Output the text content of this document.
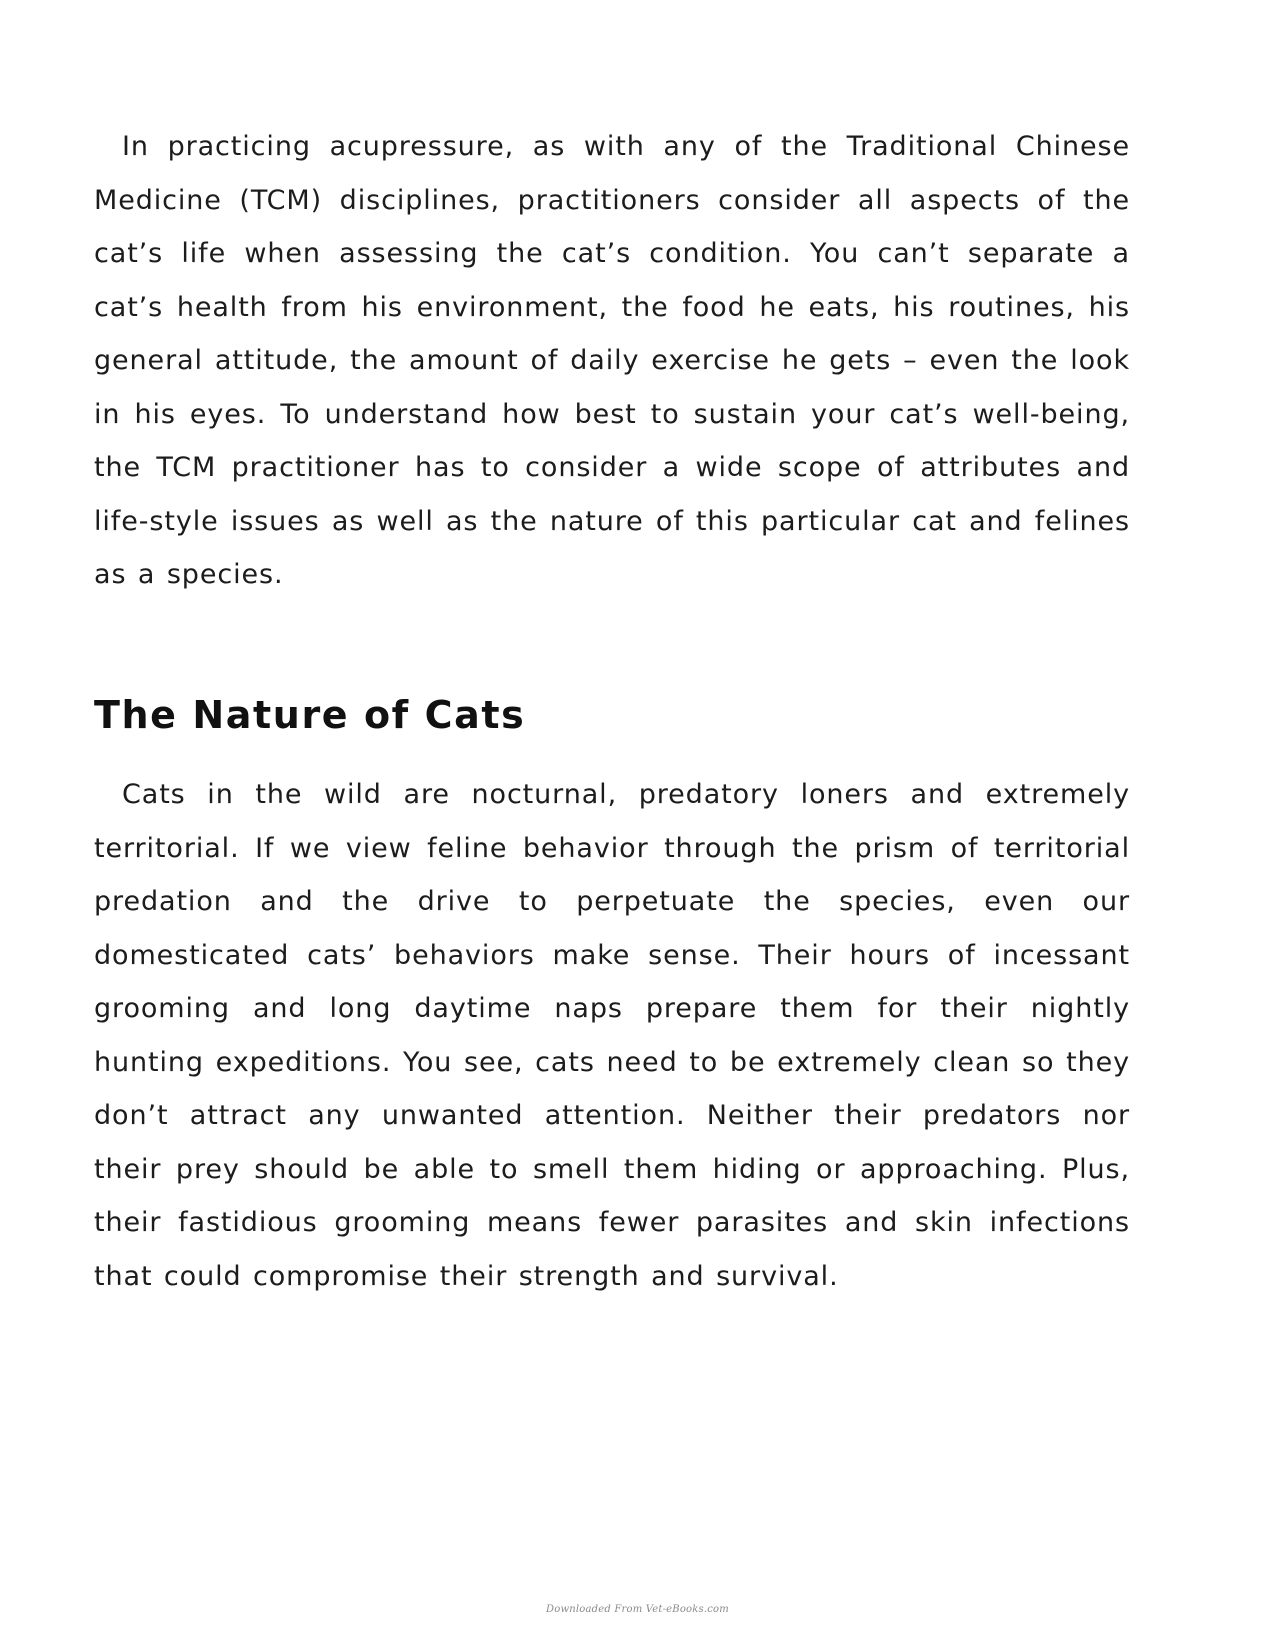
In practicing acupressure, as with any of the Traditional Chinese Medicine (TCM) disciplines, practitioners consider all aspects of the cat’s life when assessing the cat’s condition. You can’t separate a cat’s health from his environment, the food he eats, his routines, his general attitude, the amount of daily exercise he gets – even the look in his eyes. To understand how best to sustain your cat’s well-being, the TCM practitioner has to consider a wide scope of attributes and life-style issues as well as the nature of this particular cat and felines as a species.

The Nature of Cats

Cats in the wild are nocturnal, predatory loners and extremely territorial. If we view feline behavior through the prism of territorial predation and the drive to perpetuate the species, even our domesticated cats’ behaviors make sense. Their hours of incessant grooming and long daytime naps prepare them for their nightly hunting expeditions. You see, cats need to be extremely clean so they don’t attract any unwanted attention. Neither their predators nor their prey should be able to smell them hiding or approaching. Plus, their fastidious grooming means fewer parasites and skin infections that could compromise their strength and survival.

Downloaded From Vet-eBooks.com
